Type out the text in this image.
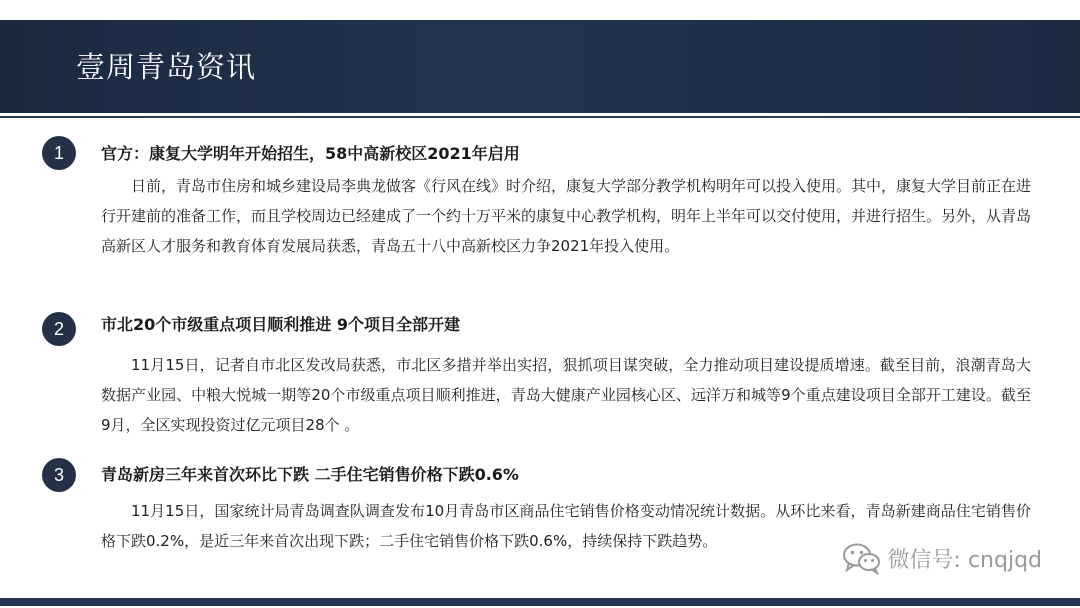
壹周青岛资讯
1	官方：康复大学明年开始招生，58中高新校区2021年启用
日前，青岛市住房和城乡建设局李典龙做客《行风在线》时介绍，康复大学部分教学机构明年可以投入使用。其中，康复大学目前正在进行开建前的准备工作，而且学校周边已经建成了一个约十万平米的康复中心教学机构，明年上半年可以交付使用，并进行招生。另外，从青岛高新区人才服务和教育体育发展局获悉，青岛五十八中高新校区力争2021年投入使用。
2	市北20个市级重点项目顺利推进 9个项目全部开建
11月15日，记者自市北区发改局获悉，市北区多措并举出实招，狠抓项目谋突破，全力推动项目建设提质增速。截至目前，浪潮青岛大数据产业园、中粮大悦城一期等20个市级重点项目顺利推进，青岛大健康产业园核心区、远洋万和城等9个重点建设项目全部开工建设。截至9月，全区实现投资过亿元项目28个 。
3	青岛新房三年来首次环比下跌 二手住宅销售价格下跌0.6%
11月15日，国家统计局青岛调查队调查发布10月青岛市区商品住宅销售价格变动情况统计数据。从环比来看，青岛新建商品住宅销售价格下跌0.2%，是近三年来首次出现下跌；二手住宅销售价格下跌0.6%，持续保持下跌趋势。
微信号: cnqjqd
